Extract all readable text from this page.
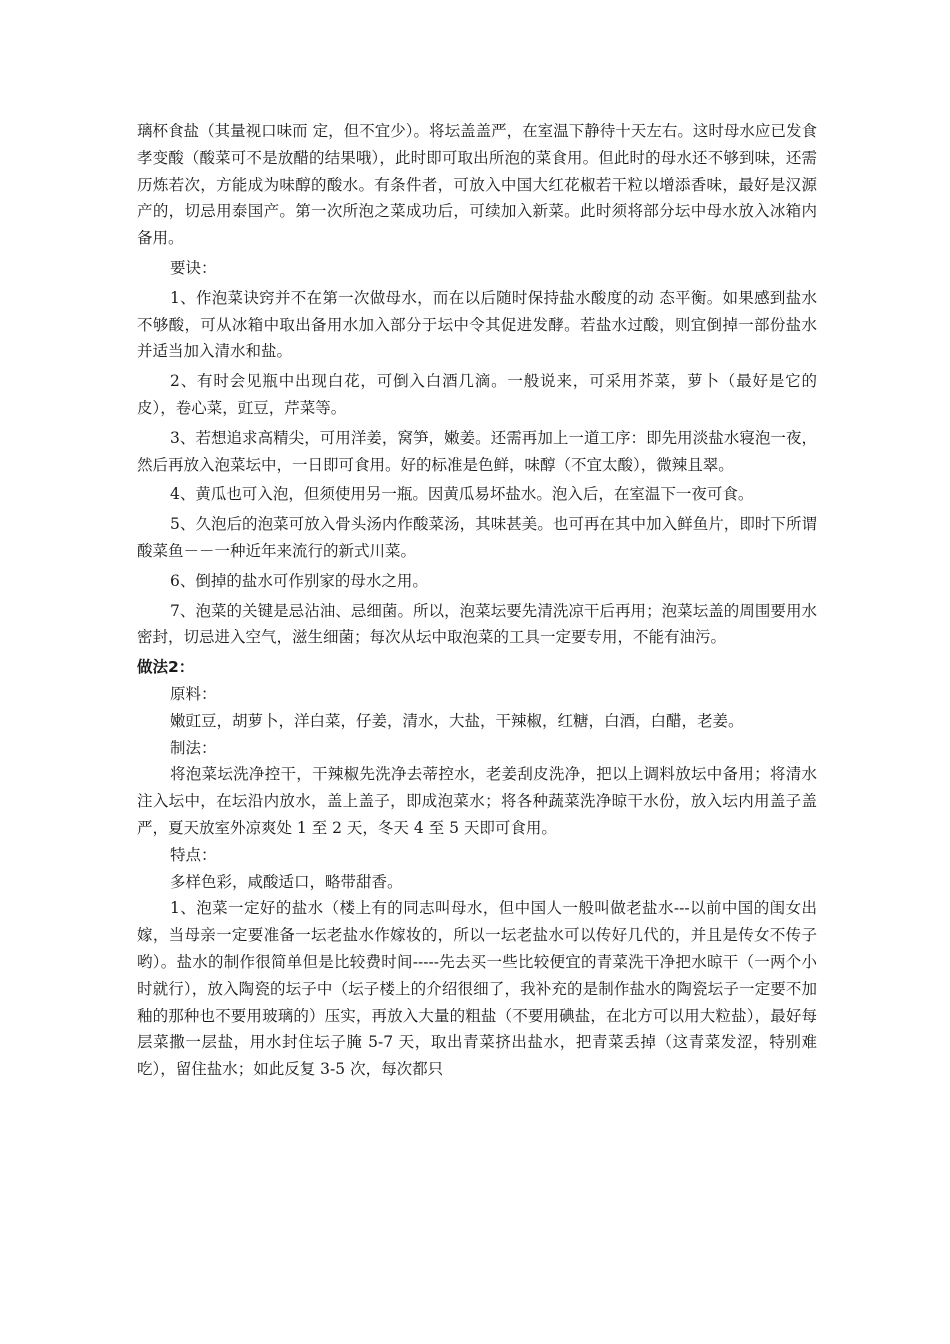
璃杯食盐（其量视口味而 定，但不宜少）。将坛盖盖严，在室温下静待十天左右。这时母水应已发食孝变酸（酸菜可不是放醋的结果哦），此时即可取出所泡的菜食用。但此时的母水还不够到味，还需历炼若次，方能成为味醇的酸水。有条件者，可放入中国大红花椒若干粒以增添香味，最好是汉源产的，切忌用泰国产。第一次所泡之菜成功后，可续加入新菜。此时须将部分坛中母水放入冰箱内备用。

要诀：

1、作泡菜诀窍并不在第一次做母水，而在以后随时保持盐水酸度的动 态平衡。如果感到盐水不够酸，可从冰箱中取出备用水加入部分于坛中令其促进发酵。若盐水过酸，则宜倒掉一部份盐水并适当加入清水和盐。

2、有时会见瓶中出现白花，可倒入白酒几滴。一般说来，可采用芥菜，萝卜（最好是它的皮），卷心菜，豇豆，芹菜等。

3、若想追求高精尖，可用洋姜，窝笋，嫩姜。还需再加上一道工序：即先用淡盐水寝泡一夜，然后再放入泡菜坛中，一日即可食用。好的标准是色鲜，味醇（不宜太酸），微辣且翠。

4、黄瓜也可入泡，但须使用另一瓶。因黄瓜易坏盐水。泡入后，在室温下一夜可食。

5、久泡后的泡菜可放入骨头汤内作酸菜汤，其味甚美。也可再在其中加入鲜鱼片，即时下所谓酸菜鱼－－一种近年来流行的新式川菜。

6、倒掉的盐水可作别家的母水之用。

7、泡菜的关键是忌沾油、忌细菌。所以，泡菜坛要先清洗凉干后再用；泡菜坛盖的周围要用水密封，切忌进入空气，滋生细菌；每次从坛中取泡菜的工具一定要专用，不能有油污。

做法2：

原料：

嫩豇豆，胡萝卜，洋白菜，仔姜，清水，大盐，干辣椒，红糖，白酒，白醋，老姜。

制法：

将泡菜坛洗净控干，干辣椒先洗净去蒂控水，老姜刮皮洗净，把以上调料放坛中备用；将清水注入坛中，在坛沿内放水，盖上盖子，即成泡菜水；将各种蔬菜洗净晾干水份，放入坛内用盖子盖严，夏天放室外凉爽处 1 至 2 天，冬天 4 至 5 天即可食用。

特点：

多样色彩，咸酸适口，略带甜香。

1、泡菜一定好的盐水（楼上有的同志叫母水，但中国人一般叫做老盐水---以前中国的闺女出嫁，当母亲一定要准备一坛老盐水作嫁妆的，所以一坛老盐水可以传好几代的，并且是传女不传子哟）。盐水的制作很简单但是比较费时间-----先去买一些比较便宜的青菜洗干净把水晾干（一两个小时就行），放入陶瓷的坛子中（坛子楼上的介绍很细了，我补充的是制作盐水的陶瓷坛子一定要不加釉的那种也不要用玻璃的）压实，再放入大量的粗盐（不要用碘盐，在北方可以用大粒盐），最好每层菜撒一层盐，用水封住坛子腌 5-7 天，取出青菜挤出盐水，把青菜丢掉（这青菜发涩，特别难吃），留住盐水；如此反复 3-5 次，每次都只
